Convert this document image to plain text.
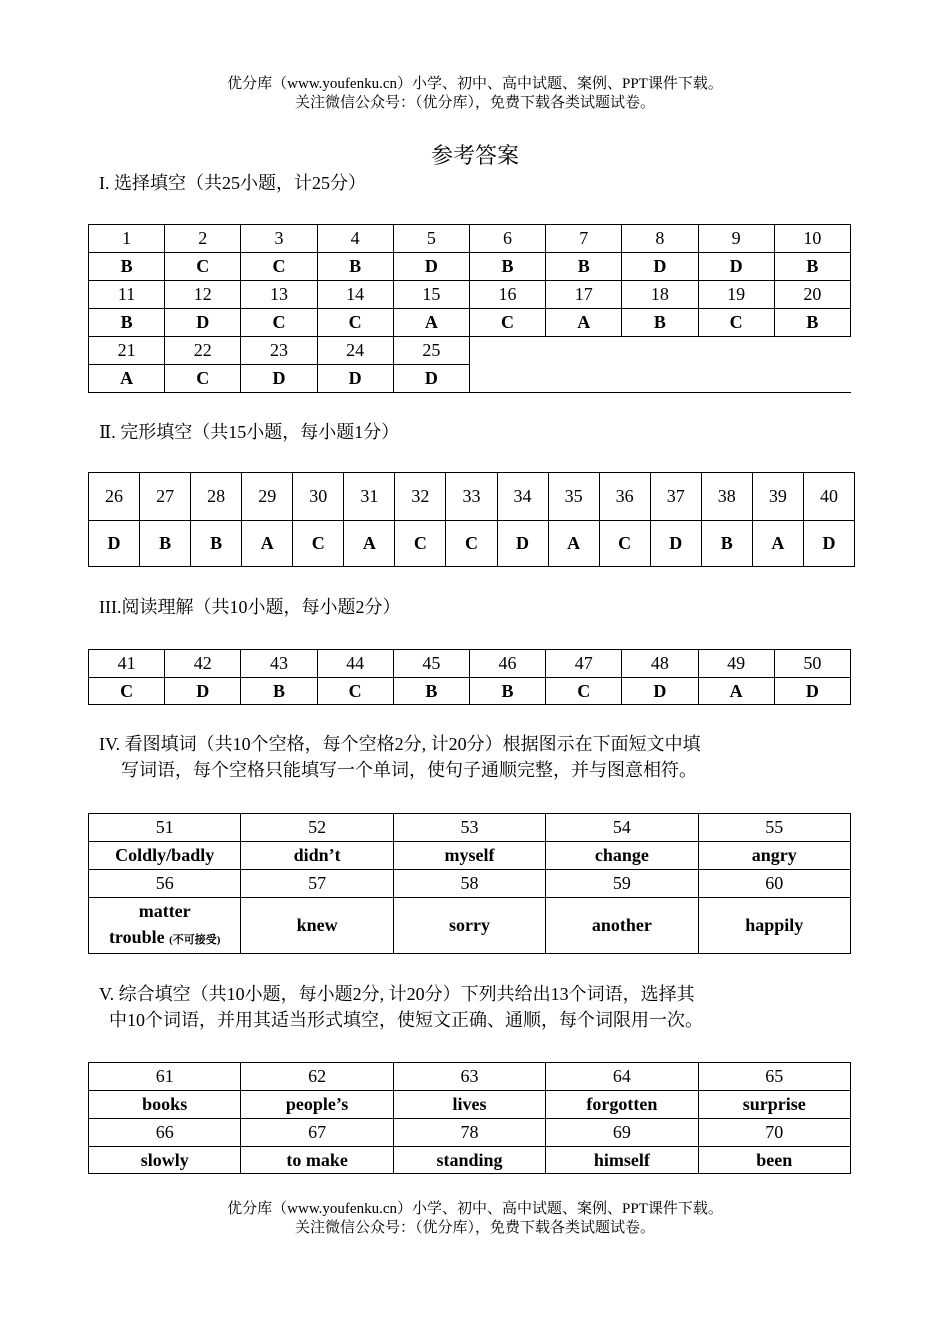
优分库（www.youfenku.cn）小学、初中、高中试题、案例、PPT课件下载。
关注微信公众号：（优分库），免费下载各类试题试卷。
参考答案
I. 选择填空（共25小题，计25分）
1	2	3	4	5	6	7	8	9	10
B	C	C	B	D	B	B	D	D	B
11	12	13	14	15	16	17	18	19	20
B	D	C	C	A	C	A	B	C	B
21	22	23	24	25					
A	C	D	D	D					
Ⅱ. 完形填空（共15小题，每小题1分）
26	27	28	29	30	31	32	33	34	35	36	37	38	39	40
D	B	B	A	C	A	C	C	D	A	C	D	B	A	D
III.阅读理解（共10小题，每小题2分）
41	42	43	44	45	46	47	48	49	50
C	D	B	C	B	B	C	D	A	D
IV. 看图填词（共10个空格，每个空格2分, 计20分）根据图示在下面短文中填
写词语，每个空格只能填写一个单词，使句子通顺完整，并与图意相符。
51	52	53	54	55
Coldly/badly	didn’t	myself	change	angry
56	57	58	59	60

matter
trouble (不可接受)	knew	sorry	another	happily
V. 综合填空（共10小题，每小题2分, 计20分）下列共给出13个词语，选择其
中10个词语，并用其适当形式填空，使短文正确、通顺，每个词限用一次。
61	62	63	64	65
books	people’s	lives	forgotten	surprise
66	67	78	69	70
slowly	to make	standing	himself	been
优分库（www.youfenku.cn）小学、初中、高中试题、案例、PPT课件下载。
关注微信公众号：（优分库），免费下载各类试题试卷。
